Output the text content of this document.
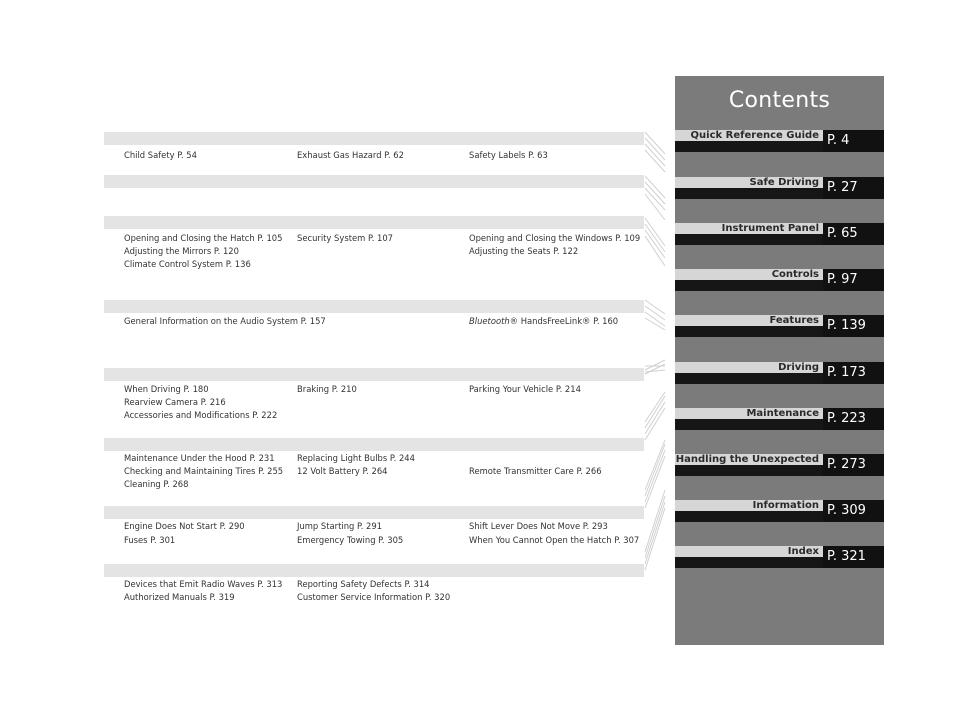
Child Safety P. 54	Exhaust Gas Hazard P. 62	Safety Labels P. 63
Opening and Closing the Hatch P. 105 Security System P. 107	Opening and Closing the Windows P. 109
Adjusting the Mirrors P. 120	Adjusting the Seats P. 122
Climate Control System P. 136
General Information on the Audio System P. 157	Bluetooth® HandsFreeLink® P. 160
When Driving P. 180	Braking P. 210	Parking Your Vehicle P. 214
Rearview Camera P. 216
Accessories and Modifications P. 222
Maintenance Under the Hood P. 231	Replacing Light Bulbs P. 244
Checking and Maintaining Tires P. 255 12 Volt Battery P. 264	Remote Transmitter Care P. 266
Cleaning P. 268
Engine Does Not Start P. 290	Jump Starting P. 291	Shift Lever Does Not Move P. 293
Fuses P. 301	Emergency Towing P. 305	When You Cannot Open the Hatch P. 307
Devices that Emit Radio Waves P. 313 Reporting Safety Defects P. 314
Authorized Manuals P. 319	Customer Service Information P. 320
Contents
Quick Reference Guide P. 4
Safe Driving P. 27
Instrument Panel P. 65
Controls P. 97
Features P. 139
Driving P. 173
Maintenance P. 223
Handling the Unexpected P. 273
Information P. 309
Index P. 321
